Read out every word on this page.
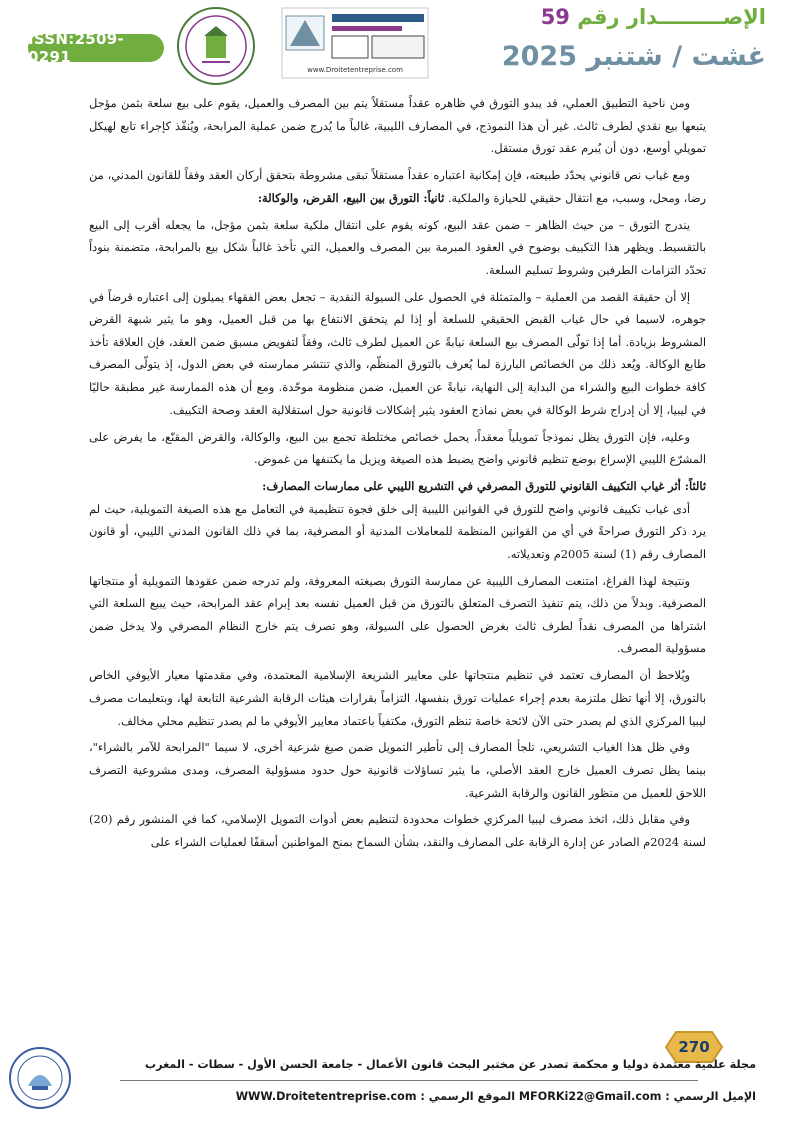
ISSN:2509-0291
www.Droitetentreprise.com
الإصـــــــــدار رقم 59
غشت / شتنبر 2025

ومن ناحية التطبيق العملي، قد يبدو التورق في ظاهره عقداً مستقلاً يتم بين المصرف والعميل، يقوم على بيع سلعة بثمن مؤجل يتبعها بيع نقدي لطرف ثالث. غير أن هذا النموذج، في المصارف الليبية، غالباً ما يُدرج ضمن عملية المرابحة، ويُنفّذ كإجراء تابع لهيكل تمويلي أوسع، دون أن يُبرم عقد تورق مستقل.

ومع غياب نص قانوني يحدّد طبيعته، فإن إمكانية اعتباره عقداً مستقلاً تبقى مشروطة بتحقق أركان العقد وفقاً للقانون المدني، من رضا، ومحل، وسبب، مع انتقال حقيقي للحيازة والملكية. ثانياً: التورق بين البيع، القرض، والوكالة:

يندرج التورق – من حيث الظاهر – ضمن عقد البيع، كونه يقوم على انتقال ملكية سلعة بثمن مؤجل، ما يجعله أقرب إلى البيع بالتقسيط. ويظهر هذا التكييف بوضوح في العقود المبرمة بين المصرف والعميل، التي تأخذ غالباً شكل بيع بالمرابحة، متضمنة بنوداً تحدّد التزامات الطرفين وشروط تسليم السلعة.

إلا أن حقيقة القصد من العملية – والمتمثلة في الحصول على السيولة النقدية – تجعل بعض الفقهاء يميلون إلى اعتباره قرضاً في جوهره، لاسيما في حال غياب القبض الحقيقي للسلعة أو إذا لم يتحقق الانتفاع بها من قبل العميل، وهو ما يثير شبهة القرض المشروط بزيادة. أما إذا تولّى المصرف بيع السلعة نيابةً عن العميل لطرف ثالث، وفقاً لتفويض مسبق ضمن العقد، فإن العلاقة تأخذ طابع الوكالة. ويُعد ذلك من الخصائص البارزة لما يُعرف بالتورق المنظّم، والذي تنتشر ممارسته في بعض الدول، إذ يتولّى المصرف كافة خطوات البيع والشراء من البداية إلى النهاية، نيابةً عن العميل، ضمن منظومة موحّدة. ومع أن هذه الممارسة غير مطبقة حاليًا في ليبيا، إلا أن إدراج شرط الوكالة في بعض نماذج العقود يثير إشكالات قانونية حول استقلالية العقد وصحة التكييف.

وعليه، فإن التورق يظل نموذجاً تمويلياً معقداً، يحمل خصائص مختلطة تجمع بين البيع، والوكالة، والقرض المقنّع، ما يفرض على المشرّع الليبي الإسراع بوضع تنظيم قانوني واضح يضبط هذه الصيغة ويزيل ما يكتنفها من غموض.

ثالثاً: أثر غياب التكييف القانوني للتورق المصرفي في التشريع الليبي على ممارسات المصارف:

أدى غياب تكييف قانوني واضح للتورق في القوانين الليبية إلى خلق فجوة تنظيمية في التعامل مع هذه الصيغة التمويلية، حيث لم يرد ذكر التورق صراحةً في أي من القوانين المنظمة للمعاملات المدنية أو المصرفية، بما في ذلك القانون المدني الليبي، أو قانون المصارف رقم (1) لسنة 2005م وتعديلاته.

ونتيجة لهذا الفراغ، امتنعت المصارف الليبية عن ممارسة التورق بصيغته المعروفة، ولم تدرجه ضمن عقودها التمويلية أو منتجاتها المصرفية. وبدلاً من ذلك، يتم تنفيذ التصرف المتعلق بالتورق من قبل العميل نفسه بعد إبرام عقد المرابحة، حيث يبيع السلعة التي اشتراها من المصرف نقداً لطرف ثالث بغرض الحصول على السيولة، وهو تصرف يتم خارج النظام المصرفي ولا يدخل ضمن مسؤولية المصرف.

ويُلاحظ أن المصارف تعتمد في تنظيم منتجاتها على معايير الشريعة الإسلامية المعتمدة، وفي مقدمتها معيار الأيوفي الخاص بالتورق، إلا أنها تظل ملتزمة بعدم إجراء عمليات تورق بنفسها، التزاماً بقرارات هيئات الرقابة الشرعية التابعة لها، وبتعليمات مصرف ليبيا المركزي الذي لم يصدر حتى الآن لائحة خاصة تنظم التورق، مكتفياً باعتماد معايير الأيوفي ما لم يصدر تنظيم محلي مخالف.

وفي ظل هذا الغياب التشريعي، تلجأ المصارف إلى تأطير التمويل ضمن صيغ شرعية أخرى، لا سيما "المرابحة للآمر بالشراء"، بينما يظل تصرف العميل خارج العقد الأصلي، ما يثير تساؤلات قانونية حول حدود مسؤولية المصرف، ومدى مشروعية التصرف اللاحق للعميل من منظور القانون والرقابة الشرعية.

وفي مقابل ذلك، اتخذ مصرف ليبيا المركزي خطوات محدودة لتنظيم بعض أدوات التمويل الإسلامي، كما في المنشور رقم (20) لسنة 2024م الصادر عن إدارة الرقابة على المصارف والنقد، بشأن السماح بمنح المواطنين أسقفًا لعمليات الشراء على

270
مجلة علمية معتمدة دوليا و محكمة تصدر عن مختبر البحث قانون الأعمال - جامعة الحسن الأول - سطات - المغرب
الإميل الرسمي : MFORKi22@Gmail.com الموقع الرسمي : WWW.Droitetentreprise.com
